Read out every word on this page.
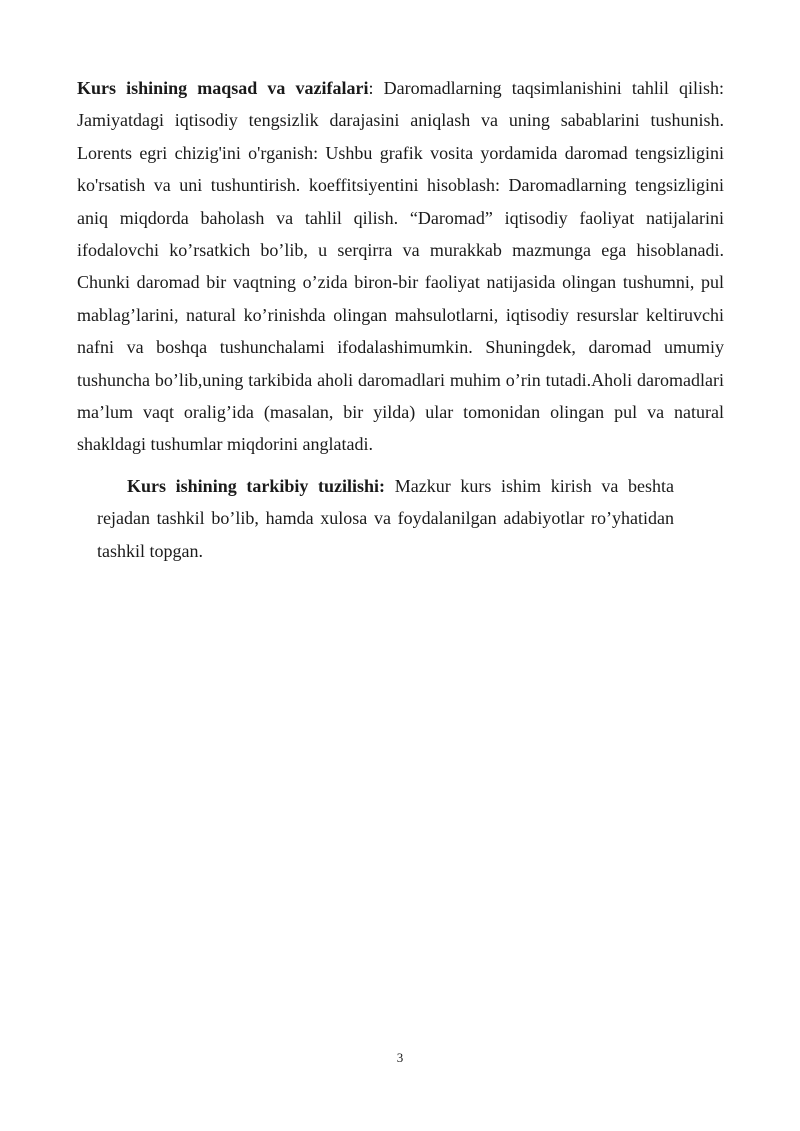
Kurs ishining maqsad va vazifalari: Daromadlarning taqsimlanishini tahlil qilish: Jamiyatdagi iqtisodiy tengsizlik darajasini aniqlash va uning sabablarini tushunish. Lorents egri chizig'ini o'rganish: Ushbu grafik vosita yordamida daromad tengsizligini ko'rsatish va uni tushuntirish. koeffitsiyentini hisoblash: Daromadlarning tengsizligini aniq miqdorda baholash va tahlil qilish. “Daromad” iqtisodiy faoliyat natijalarini ifodalovchi ko’rsatkich bo’lib, u serqirra va murakkab mazmunga ega hisoblanadi. Chunki daromad bir vaqtning o’zida biron-bir faoliyat natijasida olingan tushumni, pul mablag’larini, natural ko’rinishda olingan mahsulotlarni, iqtisodiy resurslar keltiruvchi nafni va boshqa tushunchalami ifodalashimumkin. Shuningdek, daromad umumiy tushuncha bo’lib,uning tarkibida aholi daromadlari muhim o’rin tutadi.Aholi daromadlari ma’lum vaqt oralig’ida (masalan, bir yilda) ular tomonidan olingan pul va natural shakldagi tushumlar miqdorini anglatadi.

Kurs ishining tarkibiy tuzilishi: Mazkur kurs ishim kirish va beshta rejadan tashkil bo’lib, hamda xulosa va foydalanilgan adabiyotlar ro’yhatidan tashkil topgan.

3
